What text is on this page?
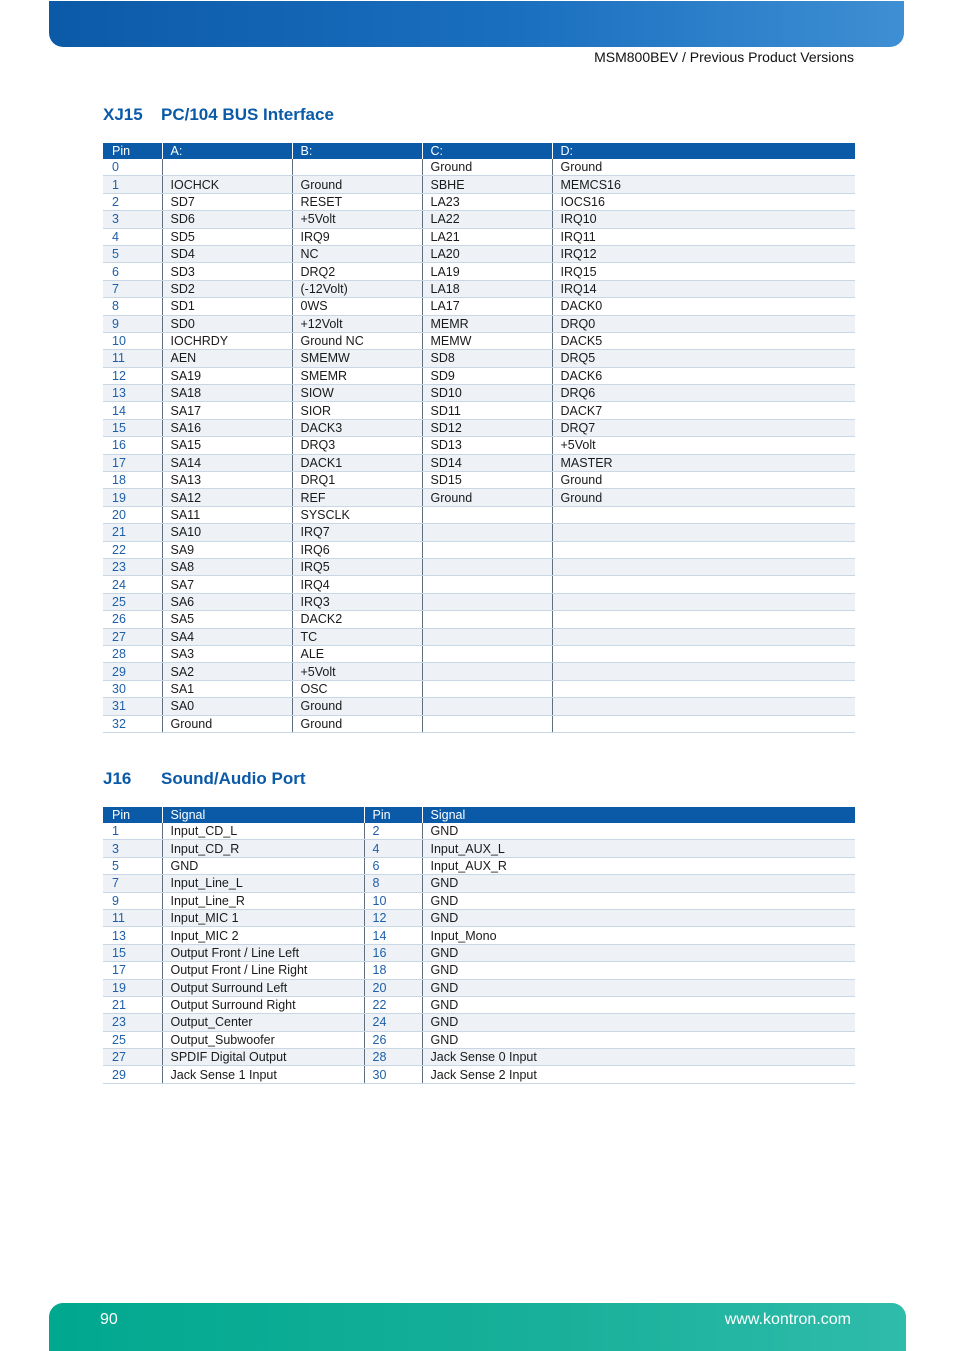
MSM800BEV / Previous Product Versions
XJ15 PC/104 BUS Interface
Pin	A:	B:	C:	D:
0			Ground	Ground
1	IOCHCK	Ground	SBHE	MEMCS16
2	SD7	RESET	LA23	IOCS16
3	SD6	+5Volt	LA22	IRQ10
4	SD5	IRQ9	LA21	IRQ11
5	SD4	NC	LA20	IRQ12
6	SD3	DRQ2	LA19	IRQ15
7	SD2	(-12Volt)	LA18	IRQ14
8	SD1	0WS	LA17	DACK0
9	SD0	+12Volt	MEMR	DRQ0
10	IOCHRDY	Ground NC	MEMW	DACK5
11	AEN	SMEMW	SD8	DRQ5
12	SA19	SMEMR	SD9	DACK6
13	SA18	SIOW	SD10	DRQ6
14	SA17	SIOR	SD11	DACK7
15	SA16	DACK3	SD12	DRQ7
16	SA15	DRQ3	SD13	+5Volt
17	SA14	DACK1	SD14	MASTER
18	SA13	DRQ1	SD15	Ground
19	SA12	REF	Ground	Ground
20	SA11	SYSCLK		
21	SA10	IRQ7		
22	SA9	IRQ6		
23	SA8	IRQ5		
24	SA7	IRQ4		
25	SA6	IRQ3		
26	SA5	DACK2		
27	SA4	TC		
28	SA3	ALE		
29	SA2	+5Volt		
30	SA1	OSC		
31	SA0	Ground		
32	Ground	Ground		
J16 Sound/Audio Port
Pin	Signal	Pin	Signal
1	Input_CD_L	2	GND
3	Input_CD_R	4	Input_AUX_L
5	GND	6	Input_AUX_R
7	Input_Line_L	8	GND
9	Input_Line_R	10	GND
11	Input_MIC 1	12	GND
13	Input_MIC 2	14	Input_Mono
15	Output Front / Line Left	16	GND
17	Output Front / Line Right	18	GND
19	Output Surround Left	20	GND
21	Output Surround Right	22	GND
23	Output_Center	24	GND
25	Output_Subwoofer	26	GND
27	SPDIF Digital Output	28	Jack Sense 0 Input
29	Jack Sense 1 Input	30	Jack Sense 2 Input
90	www.kontron.com
